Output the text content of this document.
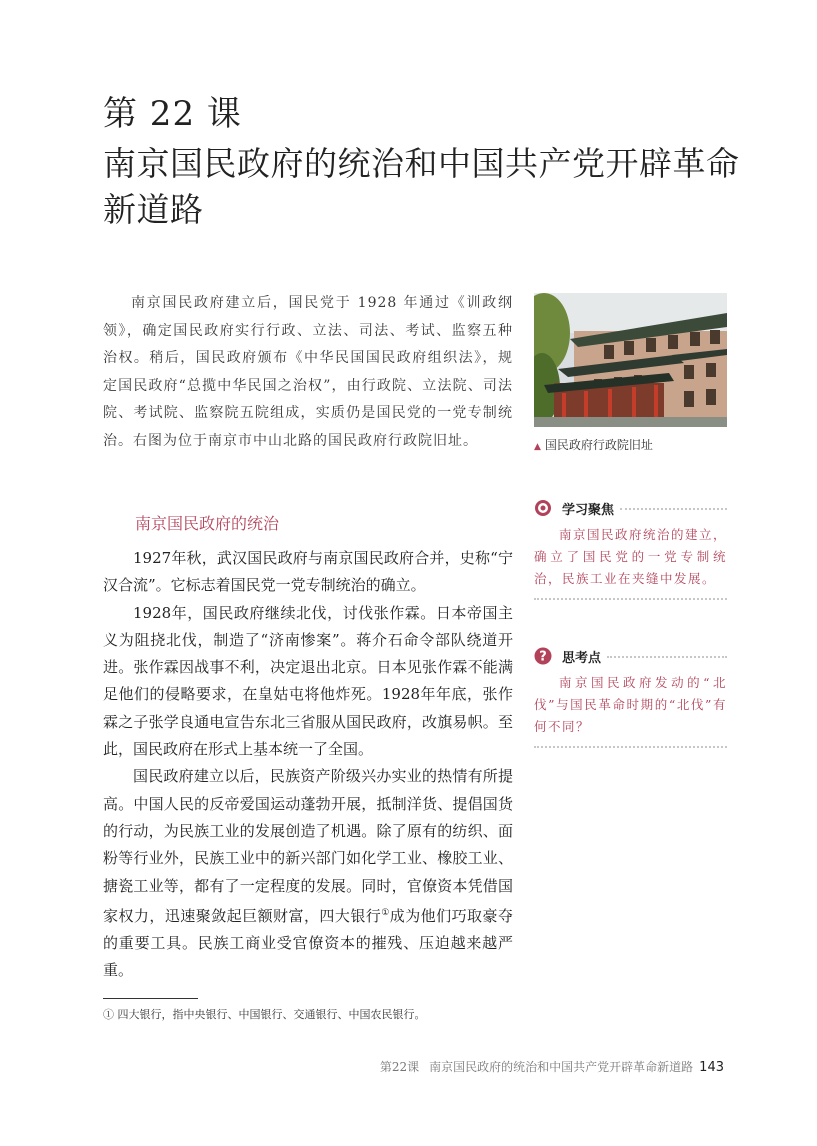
第 22 课
南京国民政府的统治和中国共产党开辟革命
新道路

南京国民政府建立后，国民党于 1928 年通过《训政纲领》，确定国民政府实行行政、立法、司法、考试、监察五种治权。稍后，国民政府颁布《中华民国国民政府组织法》，规定国民政府“总揽中华民国之治权”，由行政院、立法院、司法院、考试院、监察院五院组成，实质仍是国民党的一党专制统治。右图为位于南京市中山北路的国民政府行政院旧址。	▲ 国民政府行政院旧址
南京国民政府的统治

1927年秋，武汉国民政府与南京国民政府合并，史称“宁汉合流”。它标志着国民党一党专制统治的确立。

1928年，国民政府继续北伐，讨伐张作霖。日本帝国主义为阻挠北伐，制造了“济南惨案”。蒋介石命令部队绕道开进。张作霖因战事不利，决定退出北京。日本见张作霖不能满足他们的侵略要求，在皇姑屯将他炸死。1928年年底，张作霖之子张学良通电宣告东北三省服从国民政府，改旗易帜。至此，国民政府在形式上基本统一了全国。

国民政府建立以后，民族资产阶级兴办实业的热情有所提高。中国人民的反帝爱国运动蓬勃开展，抵制洋货、提倡国货的行动，为民族工业的发展创造了机遇。除了原有的纺织、面粉等行业外，民族工业中的新兴部门如化学工业、橡胶工业、搪瓷工业等，都有了一定程度的发展。同时，官僚资本凭借国家权力，迅速聚敛起巨额财富，四大银行①成为他们巧取豪夺的重要工具。民族工商业受官僚资本的摧残、压迫越来越严重。

学习聚焦

南京国民政府统治的建立，确立了国民党的一党专制统治，民族工业在夹缝中发展。

? 思考点

南京国民政府发动的“北伐”与国民革命时期的“北伐”有何不同？

① 四大银行，指中央银行、中国银行、交通银行、中国农民银行。
第22课 南京国民政府的统治和中国共产党开辟革命新道路 143
